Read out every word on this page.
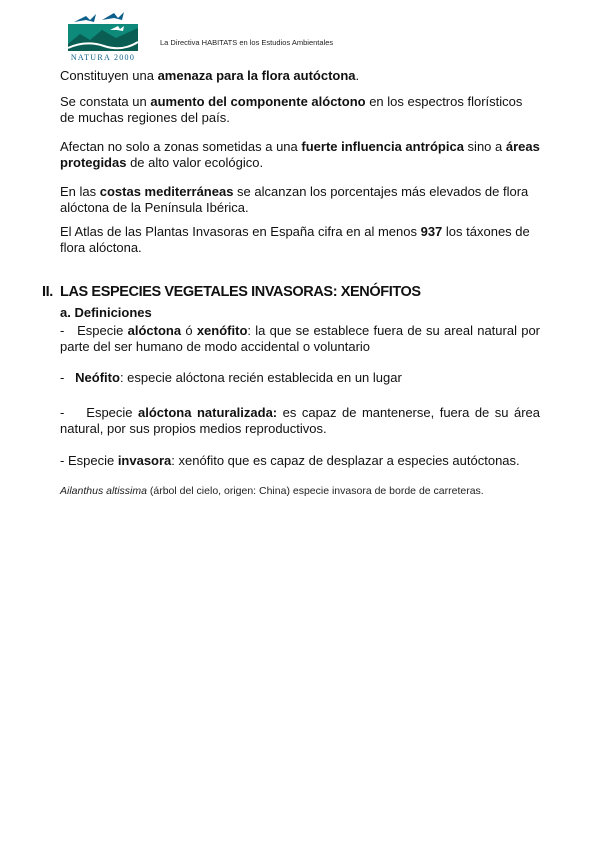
NATURA 2000
La Directiva HABITATS en los Estudios Ambientales

Constituyen una amenaza para la flora autóctona.

Se constata un aumento del componente alóctono en los espectros florísticos de muchas regiones del país.

Afectan no solo a zonas sometidas a una fuerte influencia antrópica sino a áreas protegidas de alto valor ecológico.

En las costas mediterráneas se alcanzan los porcentajes más elevados de flora alóctona de la Península Ibérica.

El Atlas de las Plantas Invasoras en España cifra en al menos 937 los táxones de flora alóctona.

II. LAS ESPECIES VEGETALES INVASORAS: XENÓFITOS
a. Definiciones

-   Especie alóctona ó xenófito: la que se establece fuera de su areal natural por parte del ser humano de modo accidental o voluntario

-   Neófito: especie alóctona recién establecida en un lugar

-    Especie alóctona naturalizada: es capaz de mantenerse, fuera de su área natural, por sus propios medios reproductivos.

- Especie invasora: xenófito que es capaz de desplazar a especies autóctonas.

Ailanthus altissima (árbol del cielo, origen: China) especie invasora de borde de carreteras.
